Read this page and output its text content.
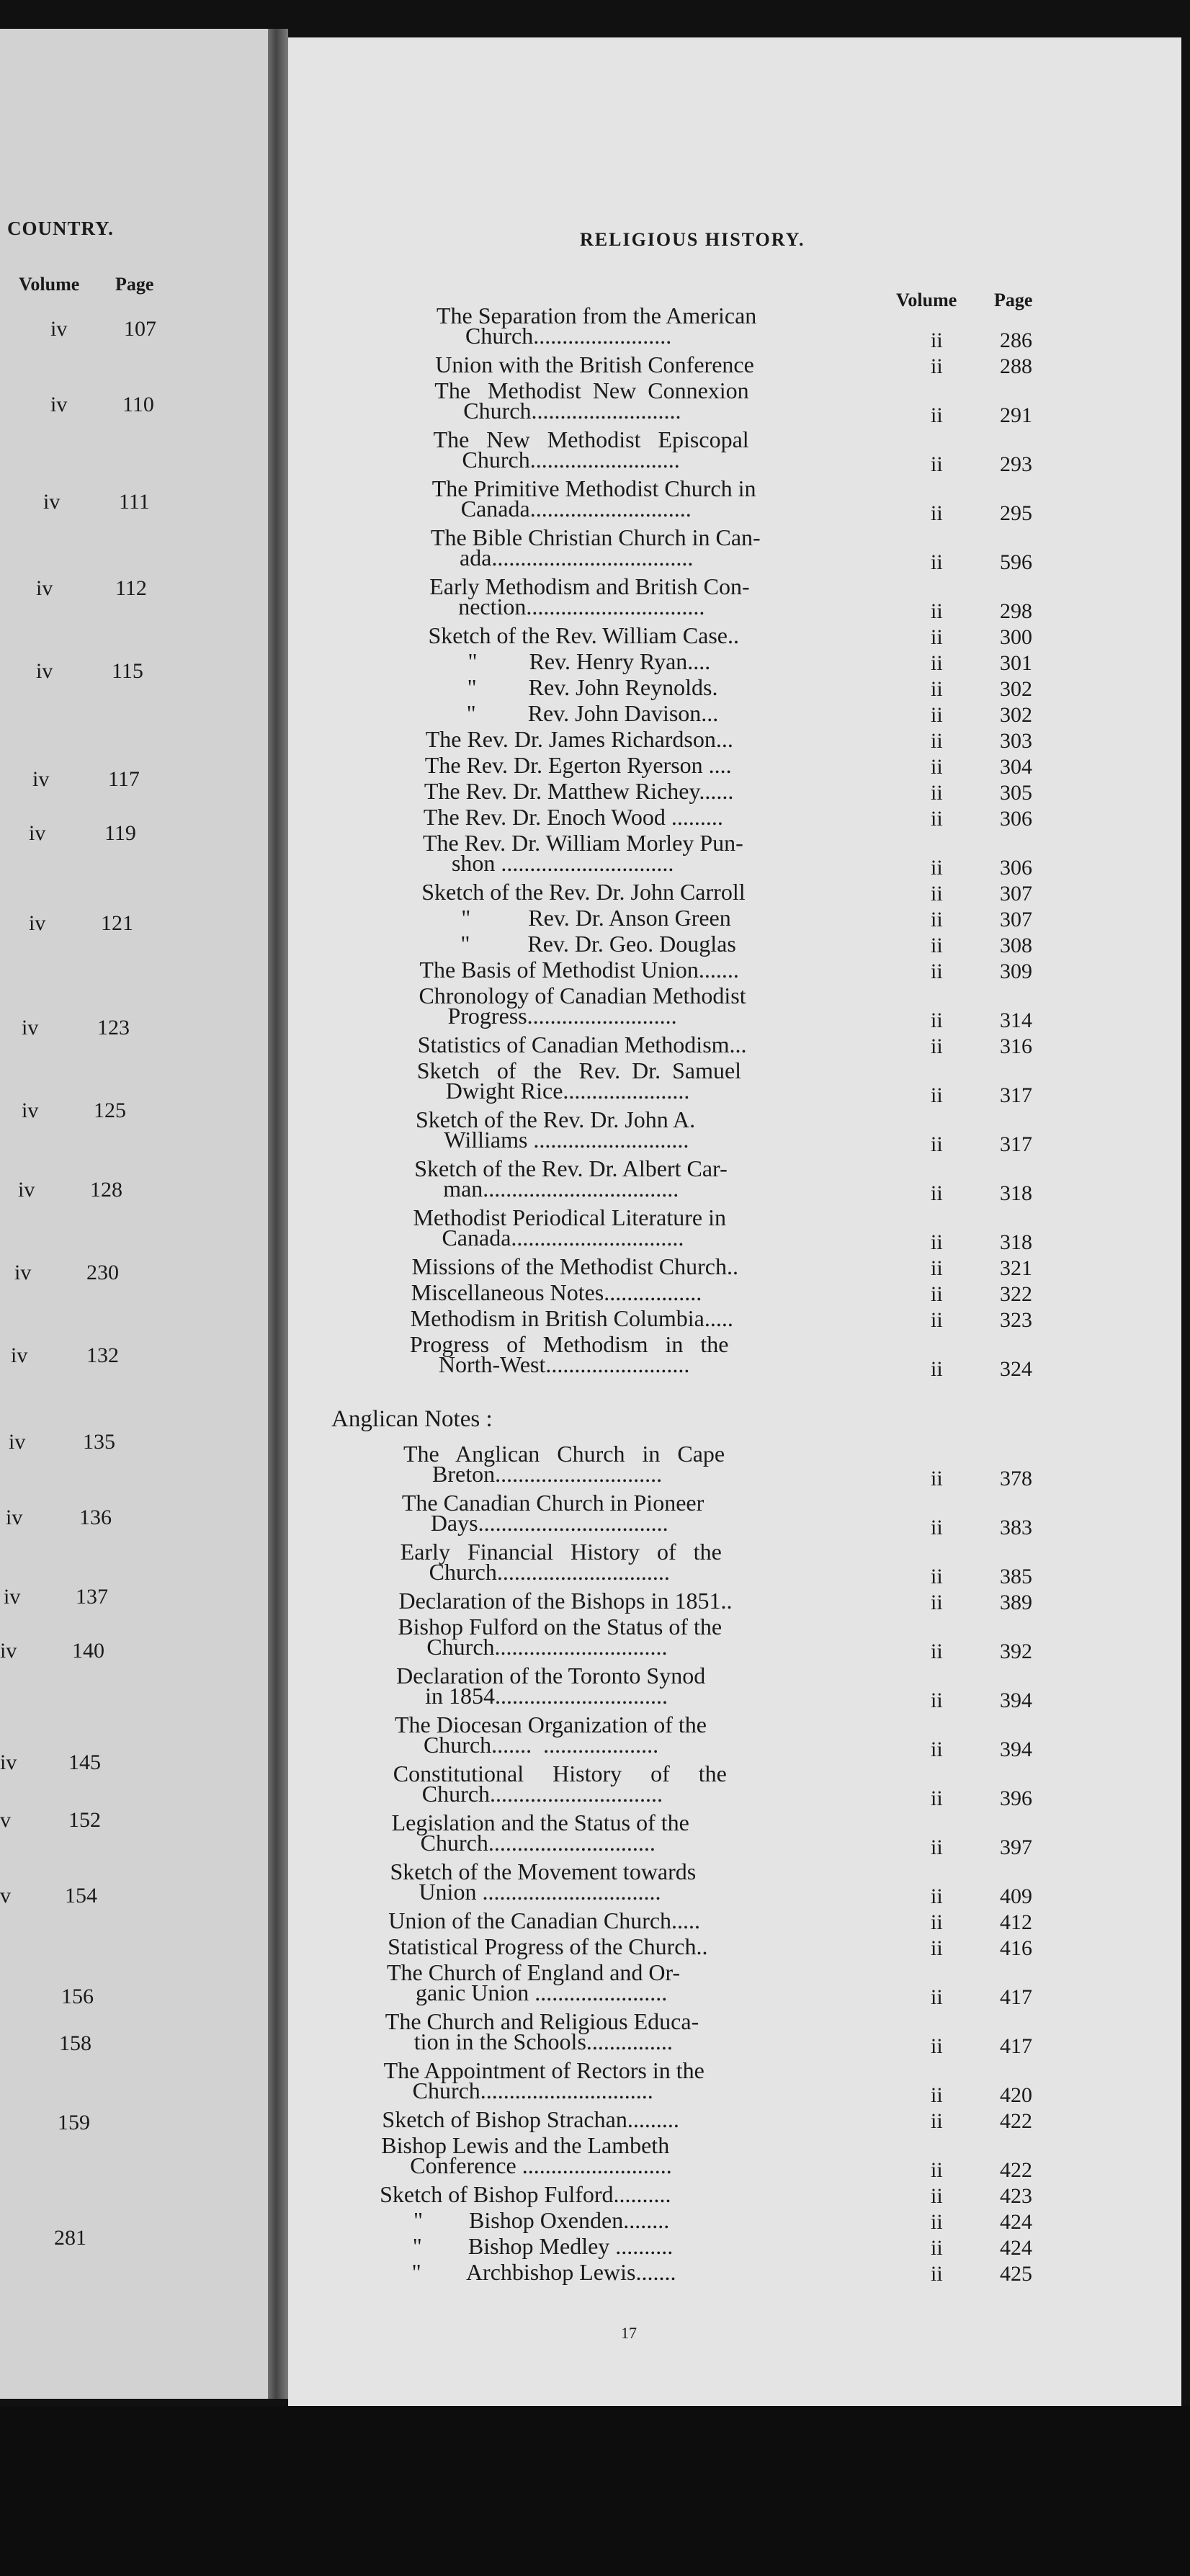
COUNTRY.
Volume Page
iv	107
iv	110
iv	111
iv	112
iv	115
iv	117
iv	119
iv	121
iv	123
iv	125
iv	128
iv	230
iv	132
iv	135
iv	136
iv	137
iv	140
iv 145
v	152
v	154
156
158
159
281
RELIGIOUS HISTORY.
Volume Page
The Separation from the American
Church........................	ii	286
Union with the British Conference	ii	288
The   Methodist  New  Connexion
Church..........................	ii	291
The   New   Methodist   Episcopal
Church..........................	ii	293
The Primitive Methodist Church in
Canada............................	ii	295
The Bible Christian Church in Can-
ada...................................	ii	596
Early Methodism and British Con-
nection...............................	ii	298
Sketch of the Rev. William Case..	ii	300
"         Rev. Henry Ryan....	ii	301
"         Rev. John Reynolds.	ii	302
"         Rev. John Davison...	ii	302
The Rev. Dr. James Richardson...	ii	303
The Rev. Dr. Egerton Ryerson ....	ii	304
The Rev. Dr. Matthew Richey......	ii	305
The Rev. Dr. Enoch Wood .........	ii	306
The Rev. Dr. William Morley Pun-
shon ..............................	ii	306
Sketch of the Rev. Dr. John Carroll	ii	307
"          Rev. Dr. Anson Green	ii	307
"          Rev. Dr. Geo. Douglas	ii	308
The Basis of Methodist Union.......	ii	309
Chronology of Canadian Methodist
Progress..........................	ii	314
Statistics of Canadian Methodism...	ii	316
Sketch   of   the   Rev.  Dr.  Samuel
Dwight Rice......................	ii	317
Sketch of the Rev. Dr. John A.
Williams ...........................	ii	317
Sketch of the Rev. Dr. Albert Car-
man..................................	ii	318
Methodist Periodical Literature in
Canada..............................	ii	318
Missions of the Methodist Church..	ii	321
Miscellaneous Notes.................	ii	322
Methodism in British Columbia.....	ii	323
Progress   of   Methodism   in   the
North-West.........................	ii	324
Anglican Notes :
The   Anglican   Church   in   Cape
Breton.............................	ii	378
The Canadian Church in Pioneer
Days.................................	ii	383
Early   Financial   History   of   the
Church..............................	ii	385
Declaration of the Bishops in 1851..	ii	389
Bishop Fulford on the Status of the
Church..............................	ii	392
Declaration of the Toronto Synod
in 1854..............................	ii	394
The Diocesan Organization of the
Church.......  ....................	ii	394
Constitutional     History     of     the
Church..............................	ii	396
Legislation and the Status of the
Church.............................	ii	397
Sketch of the Movement towards
Union ...............................	ii	409
Union of the Canadian Church.....	ii	412
Statistical Progress of the Church..	ii	416
The Church of England and Or-
ganic Union .......................	ii	417
The Church and Religious Educa-
tion in the Schools...............	ii	417
The Appointment of Rectors in the
Church..............................	ii	420
Sketch of Bishop Strachan.........	ii	422
Bishop Lewis and the Lambeth
Conference ..........................	ii	422
Sketch of Bishop Fulford..........	ii	423
"        Bishop Oxenden........	ii	424
"        Bishop Medley ..........	ii	424
"        Archbishop Lewis.......	ii	425
17
